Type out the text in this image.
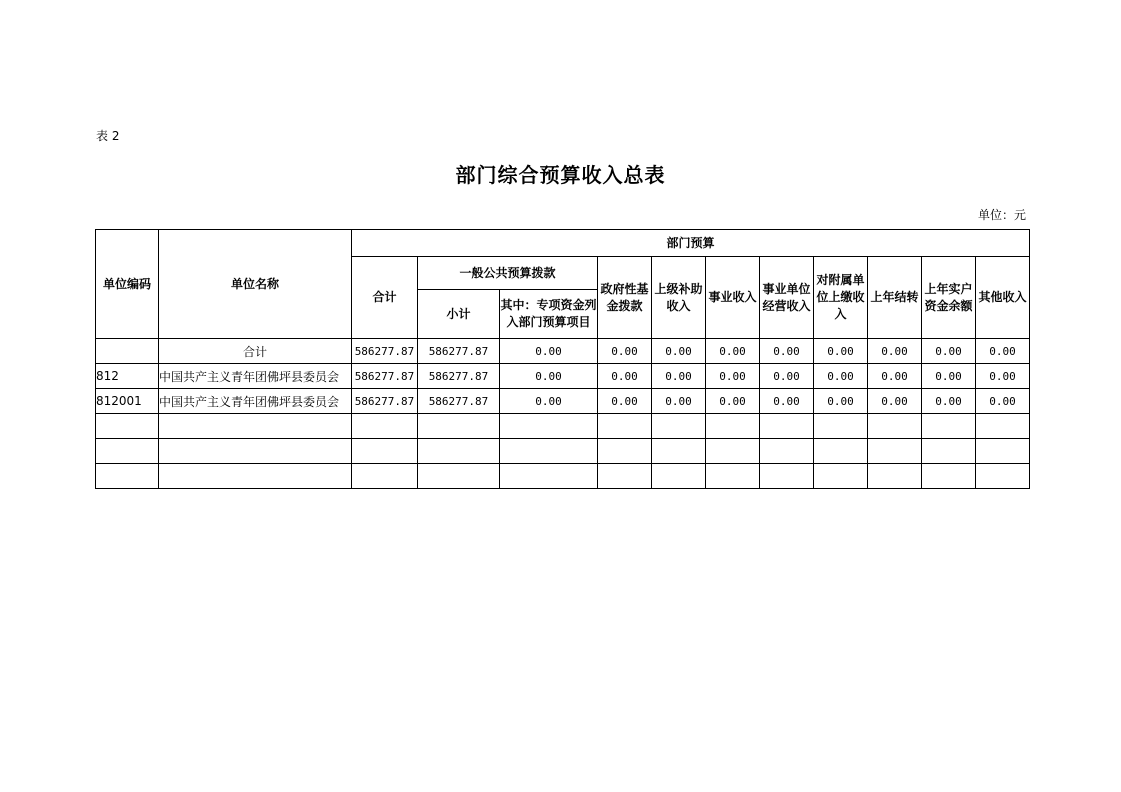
表 2
部门综合预算收入总表
单位：元
单位编码	单位名称	部门预算										
		合计	一般公共预算拨款		政府性基金拨款	上级补助收入	事业收入	事业单位经营收入	对附属单位上缴收入	上年结转	上年实户资金余额	其他收入
			小计	其中：专项资金列入部门预算项目								
	合计	586277.87	586277.87	0.00	0.00	0.00	0.00	0.00	0.00	0.00	0.00	0.00
812	中国共产主义青年团佛坪县委员会	586277.87	586277.87	0.00	0.00	0.00	0.00	0.00	0.00	0.00	0.00	0.00
812001	中国共产主义青年团佛坪县委员会	586277.87	586277.87	0.00	0.00	0.00	0.00	0.00	0.00	0.00	0.00	0.00
